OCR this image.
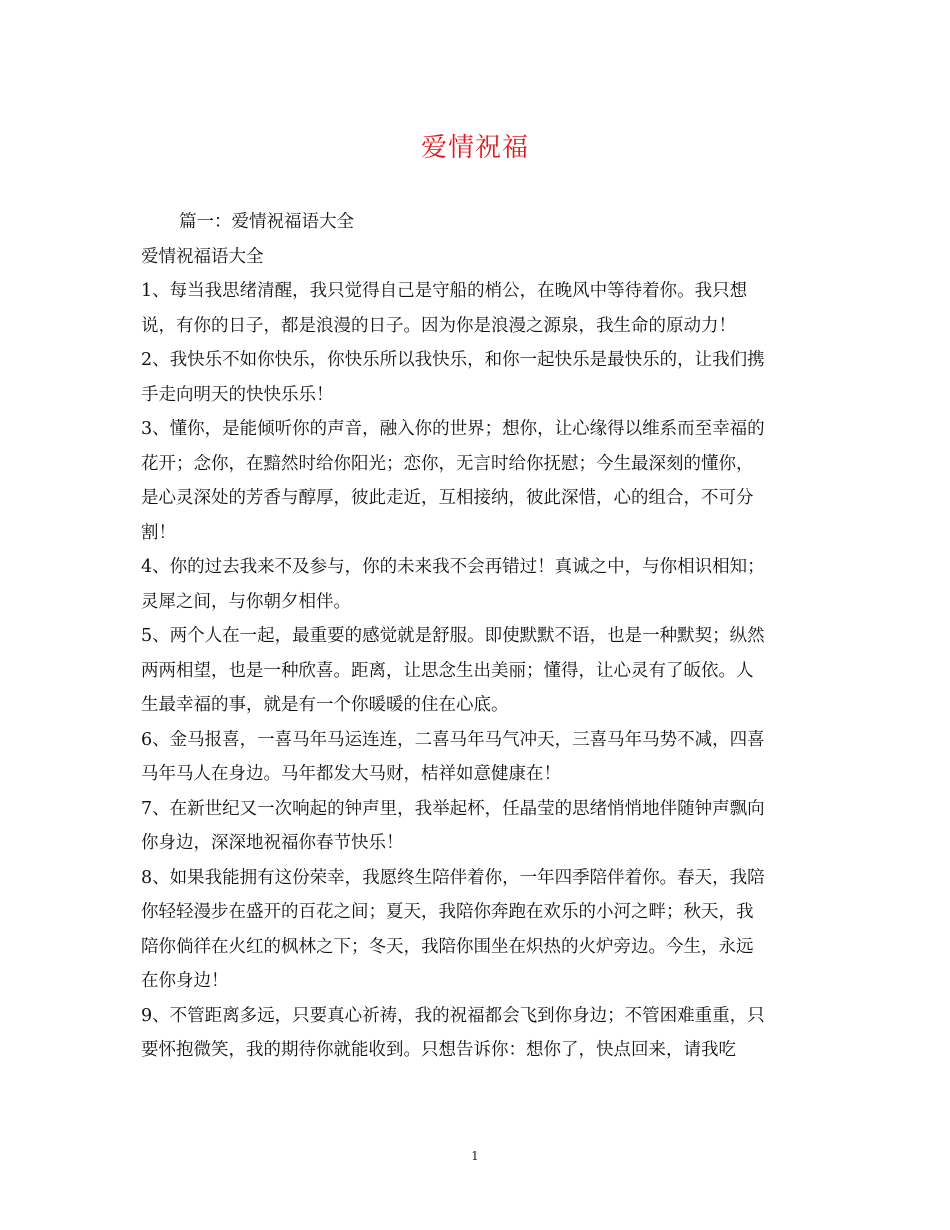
爱情祝福
篇一：爱情祝福语大全
爱情祝福语大全
1、每当我思绪清醒，我只觉得自己是守船的梢公，在晚风中等待着你。我只想
说，有你的日子，都是浪漫的日子。因为你是浪漫之源泉，我生命的原动力！
2、我快乐不如你快乐，你快乐所以我快乐，和你一起快乐是最快乐的，让我们携
手走向明天的快快乐乐！
3、懂你，是能倾听你的声音，融入你的世界；想你，让心缘得以维系而至幸福的
花开；念你，在黯然时给你阳光；恋你，无言时给你抚慰；今生最深刻的懂你，
是心灵深处的芳香与醇厚，彼此走近，互相接纳，彼此深惜，心的组合，不可分
割！
4、你的过去我来不及参与，你的未来我不会再错过！真诚之中，与你相识相知；
灵犀之间，与你朝夕相伴。
5、两个人在一起，最重要的感觉就是舒服。即使默默不语，也是一种默契；纵然
两两相望，也是一种欣喜。距离，让思念生出美丽；懂得，让心灵有了皈依。人
生最幸福的事，就是有一个你暖暖的住在心底。
6、金马报喜，一喜马年马运连连，二喜马年马气冲天，三喜马年马势不减，四喜
马年马人在身边。马年都发大马财，桔祥如意健康在！
7、在新世纪又一次响起的钟声里，我举起杯，任晶莹的思绪悄悄地伴随钟声飘向
你身边，深深地祝福你春节快乐！
8、如果我能拥有这份荣幸，我愿终生陪伴着你，一年四季陪伴着你。春天，我陪
你轻轻漫步在盛开的百花之间；夏天，我陪你奔跑在欢乐的小河之畔；秋天，我
陪你倘徉在火红的枫林之下；冬天，我陪你围坐在炽热的火炉旁边。今生，永远
在你身边！
9、不管距离多远，只要真心祈祷，我的祝福都会飞到你身边；不管困难重重，只
要怀抱微笑，我的期待你就能收到。只想告诉你：想你了，快点回来，请我吃
1
